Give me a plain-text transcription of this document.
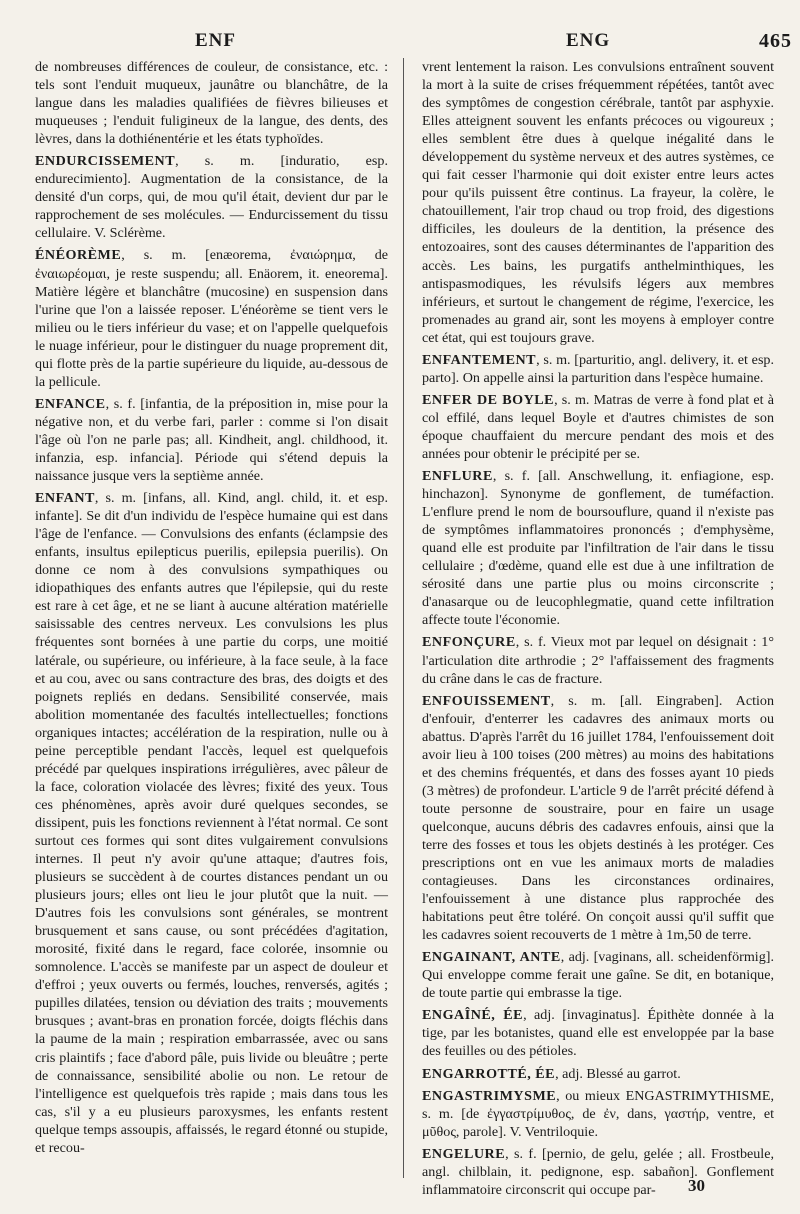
ENF	ENG	465

de nombreuses différences de couleur, de consistance, etc. : tels sont l'enduit muqueux, jaunâtre ou blanchâtre, de la langue dans les maladies qualifiées de fièvres bilieuses et muqueuses ; l'enduit fuligineux de la langue, des dents, des lèvres, dans la dothiénentérie et les états typhoïdes.

ENDURCISSEMENT, s. m. [induratio, esp. endurecimiento]. Augmentation de la consistance, de la densité d'un corps, qui, de mou qu'il était, devient dur par le rapprochement de ses molécules. — Endurcissement du tissu cellulaire. V. Sclérème.

ÉNÉORÈME, s. m. [enæorema, ἐναιώρημα, de ἐναιωρέομαι, je reste suspendu; all. Enäorem, it. eneorema]. Matière légère et blanchâtre (mucosine) en suspension dans l'urine que l'on a laissée reposer. L'énéorème se tient vers le milieu ou le tiers inférieur du vase; et on l'appelle quelquefois le nuage inférieur, pour le distinguer du nuage proprement dit, qui flotte près de la partie supérieure du liquide, au-dessous de la pellicule.

ENFANCE, s. f. [infantia, de la préposition in, mise pour la négative non, et du verbe fari, parler : comme si l'on disait l'âge où l'on ne parle pas; all. Kindheit, angl. childhood, it. infanzia, esp. infancia]. Période qui s'étend depuis la naissance jusque vers la septième année.

ENFANT, s. m. [infans, all. Kind, angl. child, it. et esp. infante]. Se dit d'un individu de l'espèce humaine qui est dans l'âge de l'enfance. — Convulsions des enfants (éclampsie des enfants, insultus epilepticus puerilis, epilepsia puerilis). On donne ce nom à des convulsions sympathiques ou idiopathiques des enfants autres que l'épilepsie, qui du reste est rare à cet âge, et ne se liant à aucune altération matérielle saisissable des centres nerveux. Les convulsions les plus fréquentes sont bornées à une partie du corps, une moitié latérale, ou supérieure, ou inférieure, à la face seule, à la face et au cou, avec ou sans contracture des bras, des doigts et des poignets repliés en dedans. Sensibilité conservée, mais abolition momentanée des facultés intellectuelles; fonctions organiques intactes; accélération de la respiration, nulle ou à peine perceptible pendant l'accès, lequel est quelquefois précédé par quelques inspirations irrégulières, avec pâleur de la face, coloration violacée des lèvres; fixité des yeux. Tous ces phénomènes, après avoir duré quelques secondes, se dissipent, puis les fonctions reviennent à l'état normal. Ce sont surtout ces formes qui sont dites vulgairement convulsions internes. Il peut n'y avoir qu'une attaque; d'autres fois, plusieurs se succèdent à de courtes distances pendant un ou plusieurs jours; elles ont lieu le jour plutôt que la nuit. — D'autres fois les convulsions sont générales, se montrent brusquement et sans cause, ou sont précédées d'agitation, morosité, fixité dans le regard, face colorée, insomnie ou somnolence. L'accès se manifeste par un aspect de douleur et d'effroi ; yeux ouverts ou fermés, louches, renversés, agités ; pupilles dilatées, tension ou déviation des traits ; mouvements brusques ; avant-bras en pronation forcée, doigts fléchis dans la paume de la main ; respiration embarrassée, avec ou sans cris plaintifs ; face d'abord pâle, puis livide ou bleuâtre ; perte de connaissance, sensibilité abolie ou non. Le retour de l'intelligence est quelquefois très rapide ; mais dans tous les cas, s'il y a eu plusieurs paroxysmes, les enfants restent quelque temps assoupis, affaissés, le regard étonné ou stupide, et recou-

vrent lentement la raison. Les convulsions entraînent souvent la mort à la suite de crises fréquemment répétées, tantôt avec des symptômes de congestion cérébrale, tantôt par asphyxie. Elles atteignent souvent les enfants précoces ou vigoureux ; elles semblent être dues à quelque inégalité dans le développement du système nerveux et des autres systèmes, ce qui fait cesser l'harmonie qui doit exister entre leurs actes pour qu'ils puissent être continus. La frayeur, la colère, le chatouillement, l'air trop chaud ou trop froid, des digestions difficiles, les douleurs de la dentition, la présence des entozoaires, sont des causes déterminantes de l'apparition des accès. Les bains, les purgatifs anthelminthiques, les antispasmodiques, les révulsifs légers aux membres inférieurs, et surtout le changement de régime, l'exercice, les promenades au grand air, sont les moyens à employer contre cet état, qui est toujours grave.

ENFANTEMENT, s. m. [parturitio, angl. delivery, it. et esp. parto]. On appelle ainsi la parturition dans l'espèce humaine.

ENFER DE BOYLE, s. m. Matras de verre à fond plat et à col effilé, dans lequel Boyle et d'autres chimistes de son époque chauffaient du mercure pendant des mois et des années pour obtenir le précipité per se.

ENFLURE, s. f. [all. Anschwellung, it. enfiagione, esp. hinchazon]. Synonyme de gonflement, de tuméfaction. L'enflure prend le nom de boursouflure, quand il n'existe pas de symptômes inflammatoires prononcés ; d'emphysème, quand elle est produite par l'infiltration de l'air dans le tissu cellulaire ; d'œdème, quand elle est due à une infiltration de sérosité dans une partie plus ou moins circonscrite ; d'anasarque ou de leucophlegmatie, quand cette infiltration affecte toute l'économie.

ENFONÇURE, s. f. Vieux mot par lequel on désignait : 1° l'articulation dite arthrodie ; 2° l'affaissement des fragments du crâne dans le cas de fracture.

ENFOUISSEMENT, s. m. [all. Eingraben]. Action d'enfouir, d'enterrer les cadavres des animaux morts ou abattus. D'après l'arrêt du 16 juillet 1784, l'enfouissement doit avoir lieu à 100 toises (200 mètres) au moins des habitations et des chemins fréquentés, et dans des fosses ayant 10 pieds (3 mètres) de profondeur. L'article 9 de l'arrêt précité défend à toute personne de soustraire, pour en faire un usage quelconque, aucuns débris des cadavres enfouis, ainsi que la terre des fosses et tous les objets destinés à les protéger. Ces prescriptions ont en vue les animaux morts de maladies contagieuses. Dans les circonstances ordinaires, l'enfouissement à une distance plus rapprochée des habitations peut être toléré. On conçoit aussi qu'il suffit que les cadavres soient recouverts de 1 mètre à 1m,50 de terre.

ENGAINANT, ANTE, adj. [vaginans, all. scheidenförmig]. Qui enveloppe comme ferait une gaîne. Se dit, en botanique, de toute partie qui embrasse la tige.

ENGAÎNÉ, ÉE, adj. [invaginatus]. Épithète donnée à la tige, par les botanistes, quand elle est enveloppée par la base des feuilles ou des pétioles.

ENGARROTTÉ, ÉE, adj. Blessé au garrot.

ENGASTRIMYSME, ou mieux ENGASTRIMYTHISME, s. m. [de ἐγγαστρίμυθος, de ἐν, dans, γαστήρ, ventre, et μῦθος, parole]. V. Ventriloquie.

ENGELURE, s. f. [pernio, de gelu, gelée ; all. Frostbeule, angl. chilblain, it. pedignone, esp. sabañon]. Gonflement inflammatoire circonscrit qui occupe par-	30
